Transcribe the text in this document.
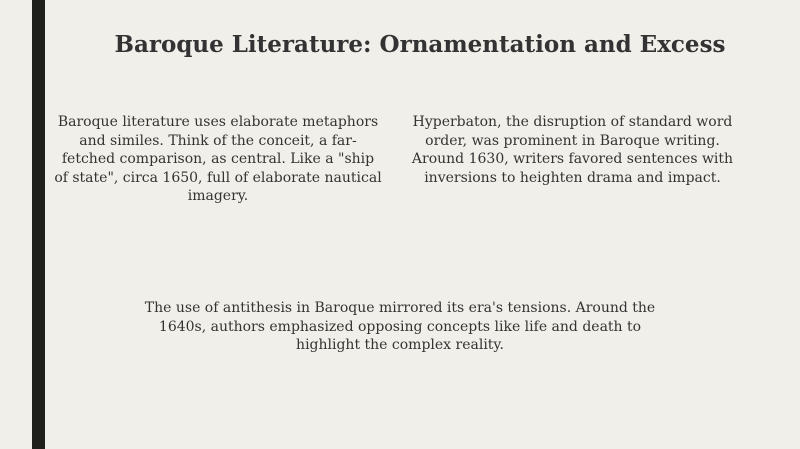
Baroque Literature: Ornamentation and Excess
Baroque literature uses elaborate metaphors and similes. Think of the conceit, a far-fetched comparison, as central. Like a "ship of state", circa 1650, full of elaborate nautical imagery.
Hyperbaton, the disruption of standard word order, was prominent in Baroque writing. Around 1630, writers favored sentences with inversions to heighten drama and impact.
The use of antithesis in Baroque mirrored its era's tensions. Around the 1640s, authors emphasized opposing concepts like life and death to highlight the complex reality.
